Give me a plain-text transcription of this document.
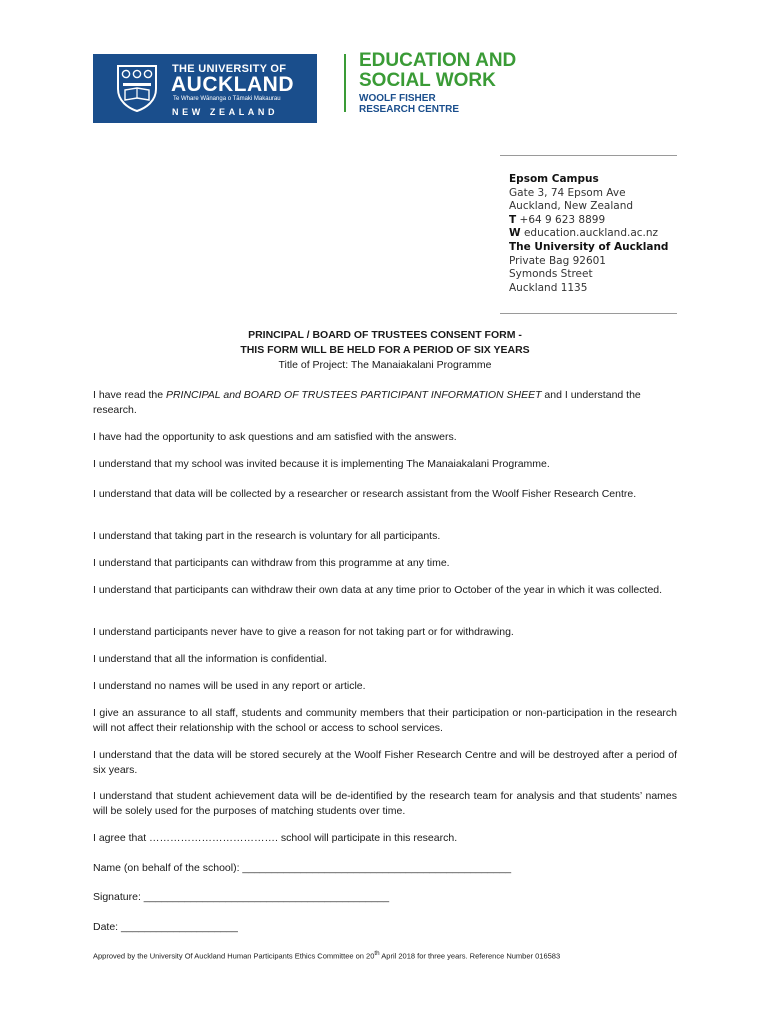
THE UNIVERSITY OF
AUCKLAND
Te Whare Wānanga o Tāmaki Makaurau
NEW ZEALAND
EDUCATION AND
SOCIAL WORK
WOOLF FISHER
RESEARCH CENTRE
Epsom Campus
Gate 3, 74 Epsom Ave
Auckland, New Zealand
T +64 9 623 8899
W education.auckland.ac.nz
The University of Auckland
Private Bag 92601
Symonds Street
Auckland 1135
PRINCIPAL / BOARD OF TRUSTEES CONSENT FORM -
THIS FORM WILL BE HELD FOR A PERIOD OF SIX YEARS
Title of Project: The Manaiakalani Programme

I have read the PRINCIPAL and BOARD OF TRUSTEES PARTICIPANT INFORMATION SHEET and I understand the research.

I have had the opportunity to ask questions and am satisfied with the answers.

I understand that my school was invited because it is implementing The Manaiakalani Programme.

I understand that data will be collected by a researcher or research assistant from the Woolf Fisher Research Centre.

I understand that taking part in the research is voluntary for all participants.

I understand that participants can withdraw from this programme at any time.

I understand that participants can withdraw their own data at any time prior to October of the year in which it was collected.

I understand participants never have to give a reason for not taking part or for withdrawing.

I understand that all the information is confidential.

I understand no names will be used in any report or article.

I give an assurance to all staff, students and community members that their participation or non-participation in the research will not affect their relationship with the school or access to school services.

I understand that the data will be stored securely at the Woolf Fisher Research Centre and will be destroyed after a period of six years.

I understand that student achievement data will be de-identified by the research team for analysis and that students’ names will be solely used for the purposes of matching students over time.

I agree that ………………………………. school will participate in this research.

Name (on behalf of the school): ______________________________________________

Signature: __________________________________________

Date: ____________________

Approved by the University Of Auckland Human Participants Ethics Committee on 20th April 2018 for three years. Reference Number 016583
